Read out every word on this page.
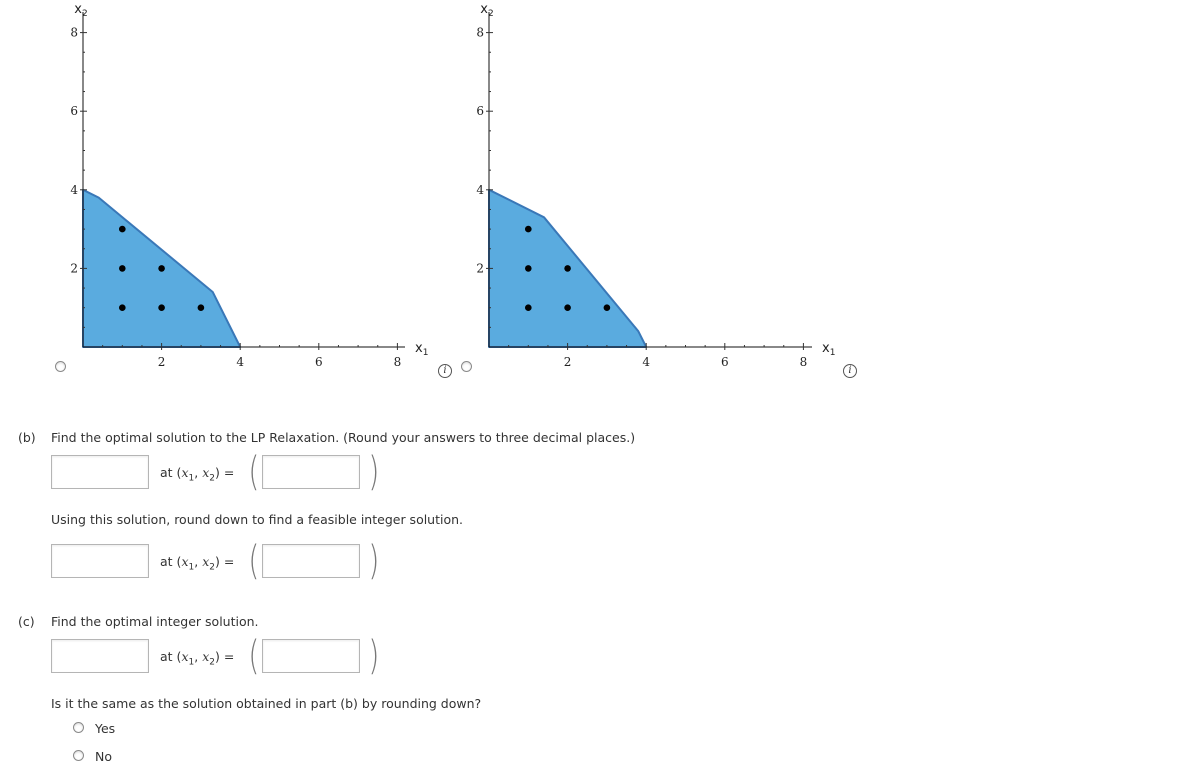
2	4	6	8
2
4
6
8
$x_2$
$x_1$
2	4	6	8
2
4
6
8
$x_2$
$x_1$
i	i
(b) Find the optimal solution to the LP Relaxation. (Round your answers to three decimal places.)
at ($x_1$, $x_2$) = (	)
Using this solution, round down to find a feasible integer solution.
at ($x_1$, $x_2$) = (	)
(c) Find the optimal integer solution.
at ($x_1$, $x_2$) = (	)
Is it the same as the solution obtained in part (b) by rounding down?
Yes
No
